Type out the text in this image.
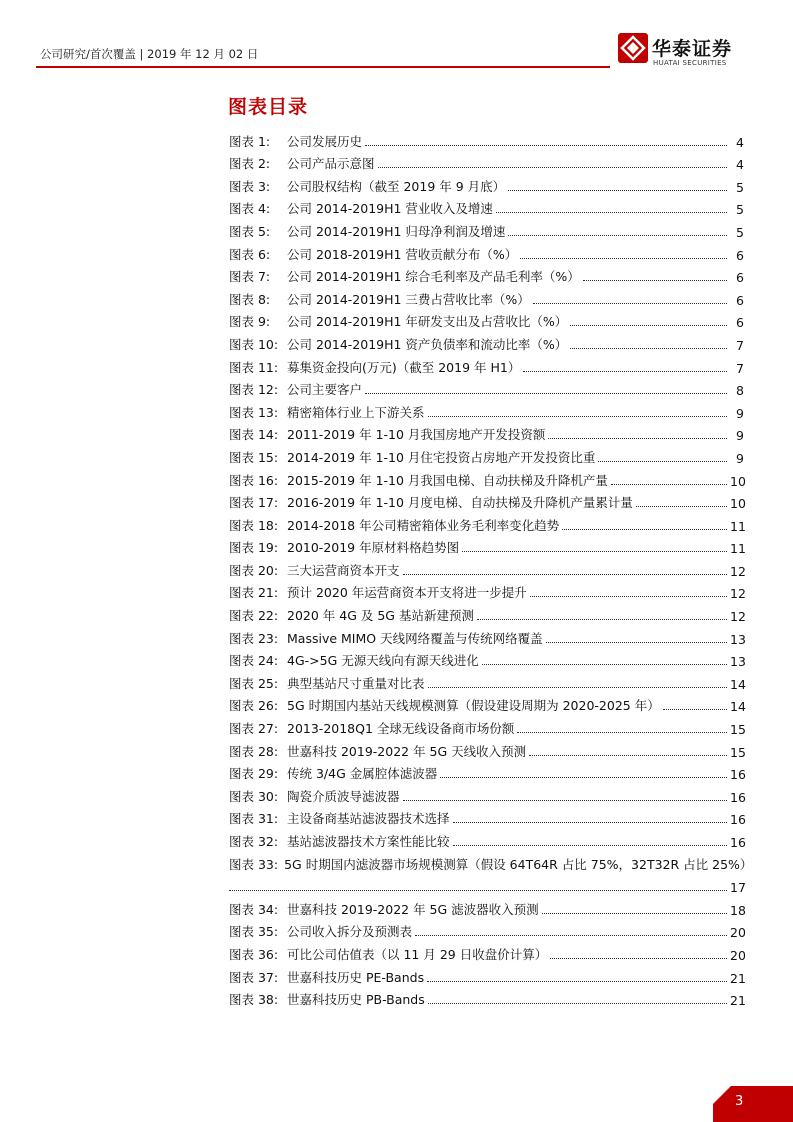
公司研究/首次覆盖 | 2019 年 12 月 02 日	华泰证券
HUATAI SECURITIES
图表目录
图表 1:	公司发展历史	4
图表 2:	公司产品示意图	4
图表 3:	公司股权结构（截至 2019 年 9 月底）	5
图表 4:	公司 2014-2019H1 营业收入及增速	5
图表 5:	公司 2014-2019H1 归母净利润及增速	5
图表 6:	公司 2018-2019H1 营收贡献分布（%）	6
图表 7:	公司 2014-2019H1 综合毛利率及产品毛利率（%）	6
图表 8:	公司 2014-2019H1 三费占营收比率（%）	6
图表 9:	公司 2014-2019H1 年研发支出及占营收比（%）	6
图表 10: 公司 2014-2019H1 资产负债率和流动比率（%）	7
图表 11: 募集资金投向(万元)（截至 2019 年 H1）	7
图表 12: 公司主要客户	8
图表 13: 精密箱体行业上下游关系	9
图表 14: 2011-2019 年 1-10 月我国房地产开发投资额	9
图表 15: 2014-2019 年 1-10 月住宅投资占房地产开发投资比重	9
图表 16: 2015-2019 年 1-10 月我国电梯、自动扶梯及升降机产量	10
图表 17: 2016-2019 年 1-10 月度电梯、自动扶梯及升降机产量累计量	10
图表 18: 2014-2018 年公司精密箱体业务毛利率变化趋势	11
图表 19: 2010-2019 年原材料格趋势图	11
图表 20: 三大运营商资本开支	12
图表 21: 预计 2020 年运营商资本开支将进一步提升	12
图表 22: 2020 年 4G 及 5G 基站新建预测	12
图表 23: Massive MIMO 天线网络覆盖与传统网络覆盖	13
图表 24: 4G->5G 无源天线向有源天线进化	13
图表 25: 典型基站尺寸重量对比表	14
图表 26: 5G 时期国内基站天线规模测算（假设建设周期为 2020-2025 年）	14
图表 27: 2013-2018Q1 全球无线设备商市场份额	15
图表 28: 世嘉科技 2019-2022 年 5G 天线收入预测	15
图表 29: 传统 3/4G 金属腔体滤波器	16
图表 30: 陶瓷介质波导滤波器	16
图表 31: 主设备商基站滤波器技术选择	16
图表 32: 基站滤波器技术方案性能比较	16
图表 33: 5G 时期国内滤波器市场规模测算（假设 64T64R 占比 75%，32T32R 占比 25%）
17
图表 34: 世嘉科技 2019-2022 年 5G 滤波器收入预测	18
图表 35: 公司收入拆分及预测表	20
图表 36: 可比公司估值表（以 11 月 29 日收盘价计算）	20
图表 37: 世嘉科技历史 PE-Bands	21
图表 38: 世嘉科技历史 PB-Bands	21
3
